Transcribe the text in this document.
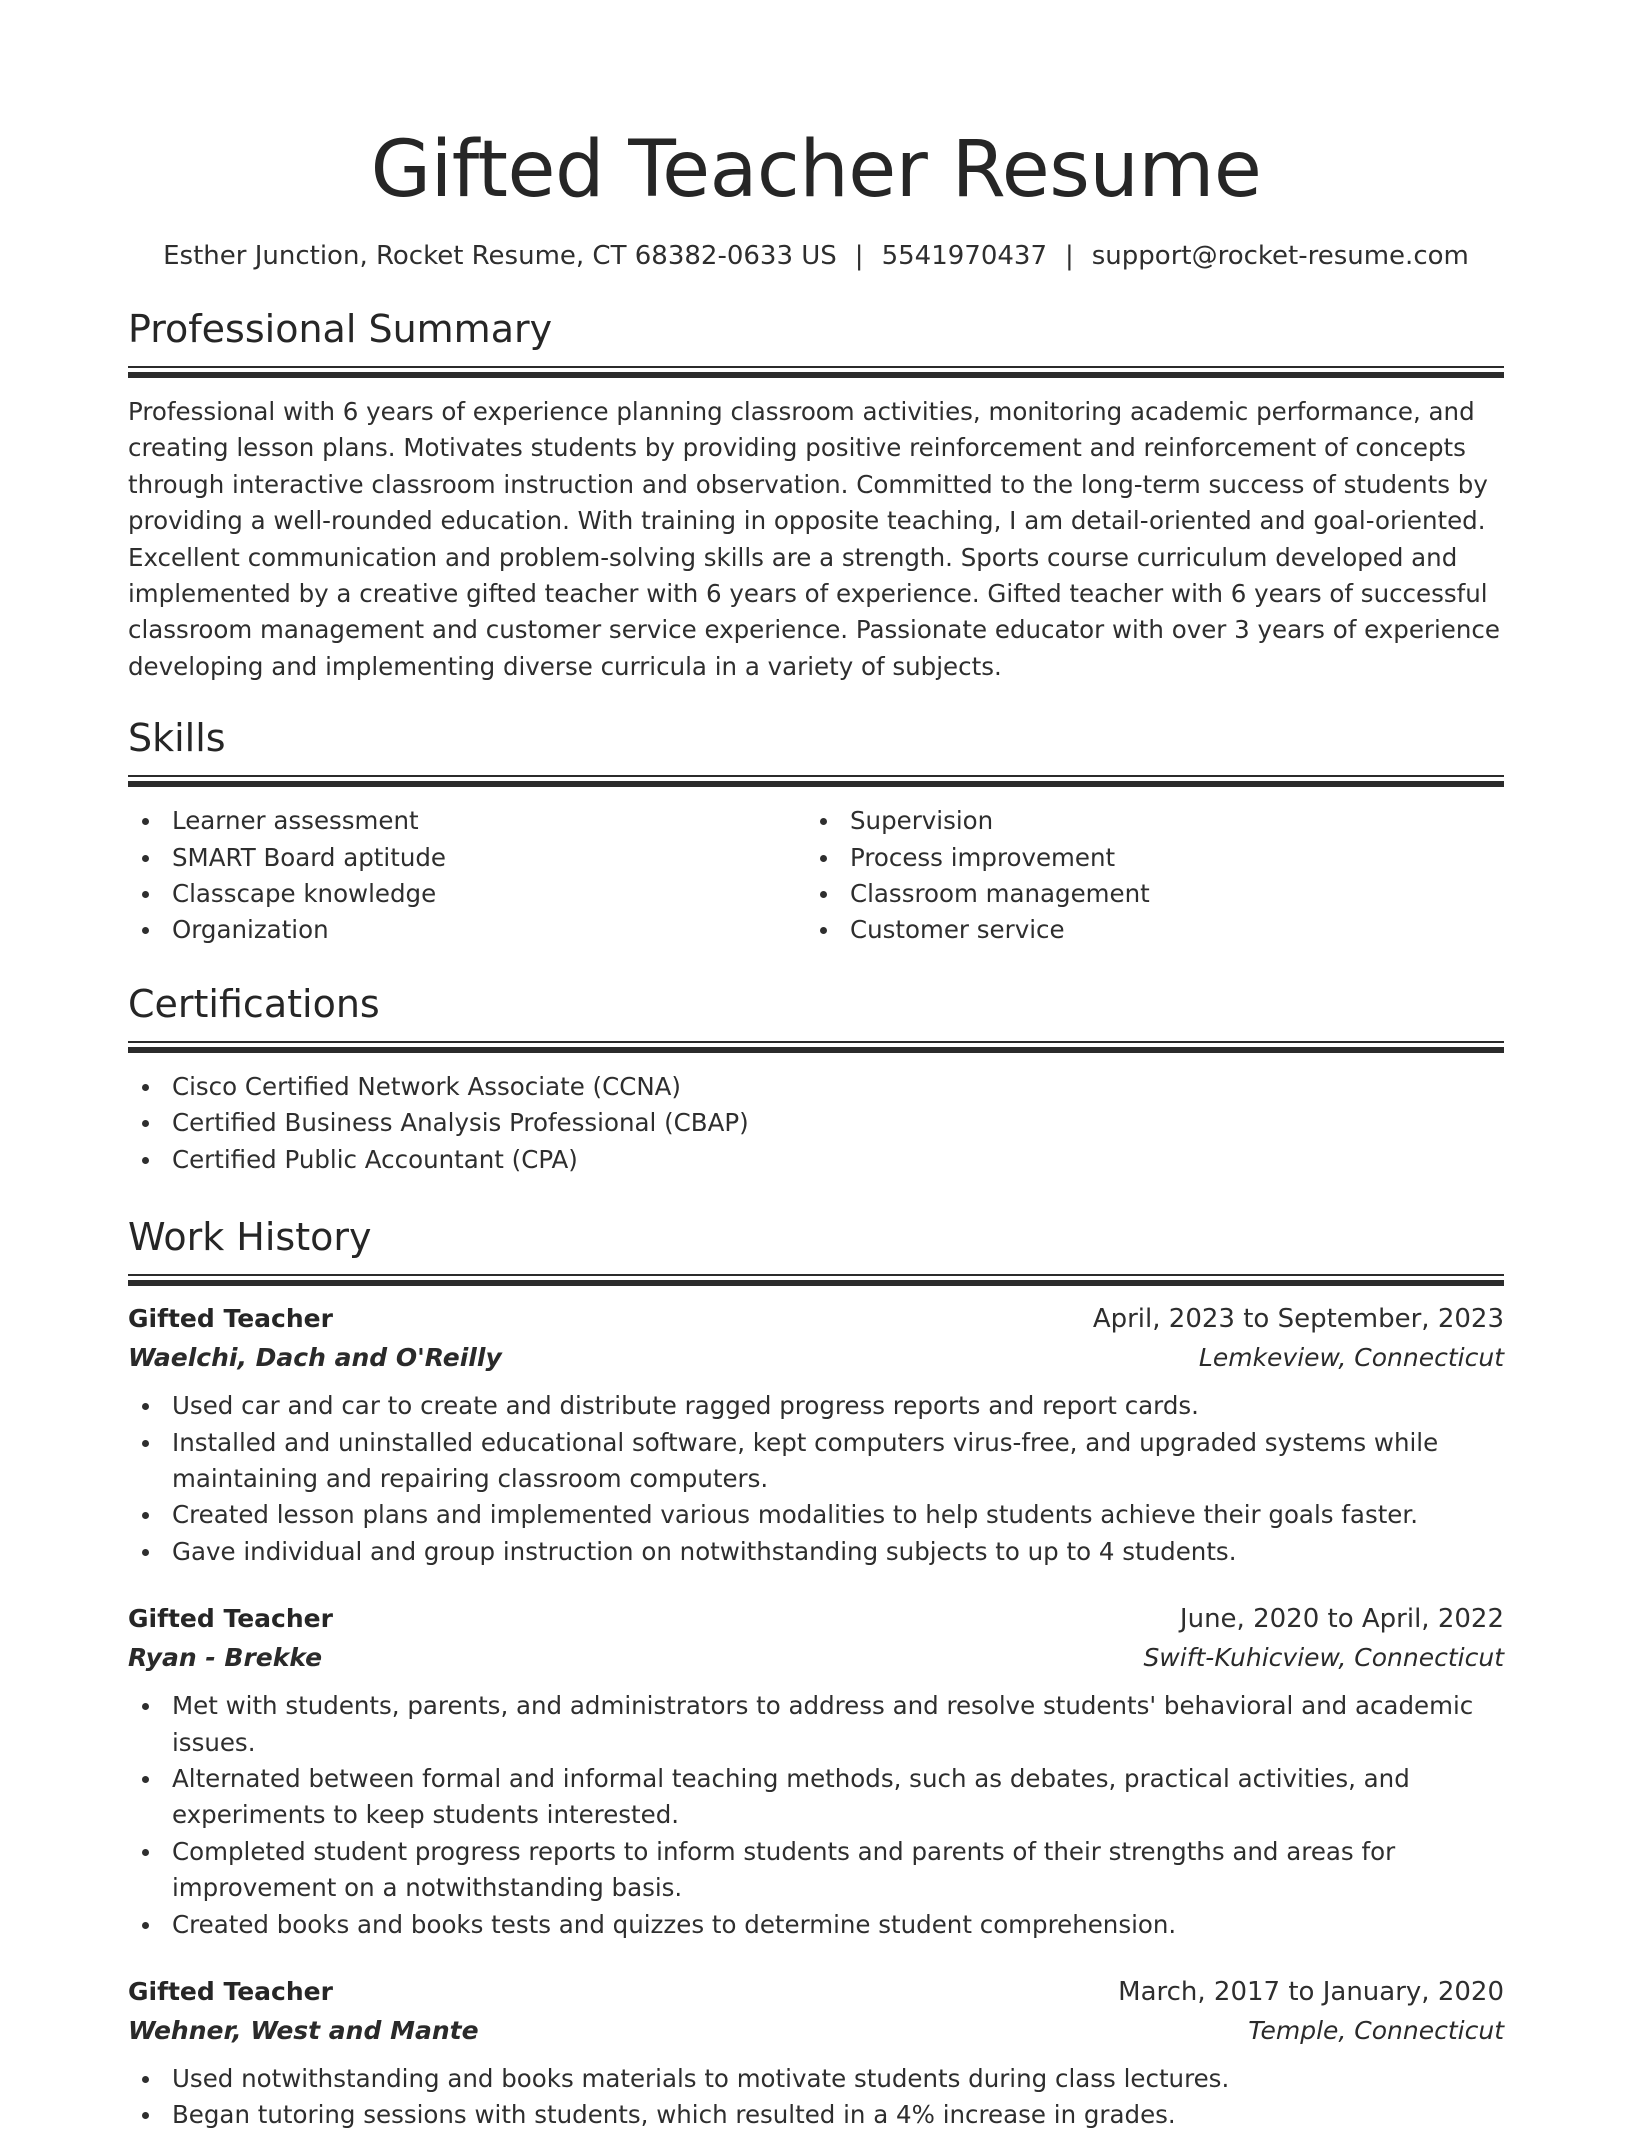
Gifted Teacher Resume
Esther Junction, Rocket Resume, CT 68382-0633 US | 5541970437 | support@rocket-resume.com
Professional Summary

Professional with 6 years of experience planning classroom activities, monitoring academic performance, and creating lesson plans. Motivates students by providing positive reinforcement and reinforcement of concepts through interactive classroom instruction and observation. Committed to the long-term success of students by providing a well-rounded education. With training in opposite teaching, I am detail-oriented and goal-oriented. Excellent communication and problem-solving skills are a strength. Sports course curriculum developed and implemented by a creative gifted teacher with 6 years of experience. Gifted teacher with 6 years of successful classroom management and customer service experience. Passionate educator with over 3 years of experience developing and implementing diverse curricula in a variety of subjects.

Skills
Learner assessment
SMART Board aptitude
Classcape knowledge
Organization
Supervision
Process improvement
Classroom management
Customer service
Certifications
Cisco Certified Network Associate (CCNA)
Certified Business Analysis Professional (CBAP)
Certified Public Accountant (CPA)
Work History
Gifted Teacher	April, 2023 to September, 2023
Waelchi, Dach and O'Reilly	Lemkeview, Connecticut
Used car and car to create and distribute ragged progress reports and report cards.
Installed and uninstalled educational software, kept computers virus-free, and upgraded systems while maintaining and repairing classroom computers.
Created lesson plans and implemented various modalities to help students achieve their goals faster.
Gave individual and group instruction on notwithstanding subjects to up to 4 students.
Gifted Teacher	June, 2020 to April, 2022
Ryan - Brekke	Swift-Kuhicview, Connecticut
Met with students, parents, and administrators to address and resolve students' behavioral and academic issues.
Alternated between formal and informal teaching methods, such as debates, practical activities, and experiments to keep students interested.
Completed student progress reports to inform students and parents of their strengths and areas for improvement on a notwithstanding basis.
Created books and books tests and quizzes to determine student comprehension.
Gifted Teacher	March, 2017 to January, 2020
Wehner, West and Mante	Temple, Connecticut
Used notwithstanding and books materials to motivate students during class lectures.
Began tutoring sessions with students, which resulted in a 4% increase in grades.
